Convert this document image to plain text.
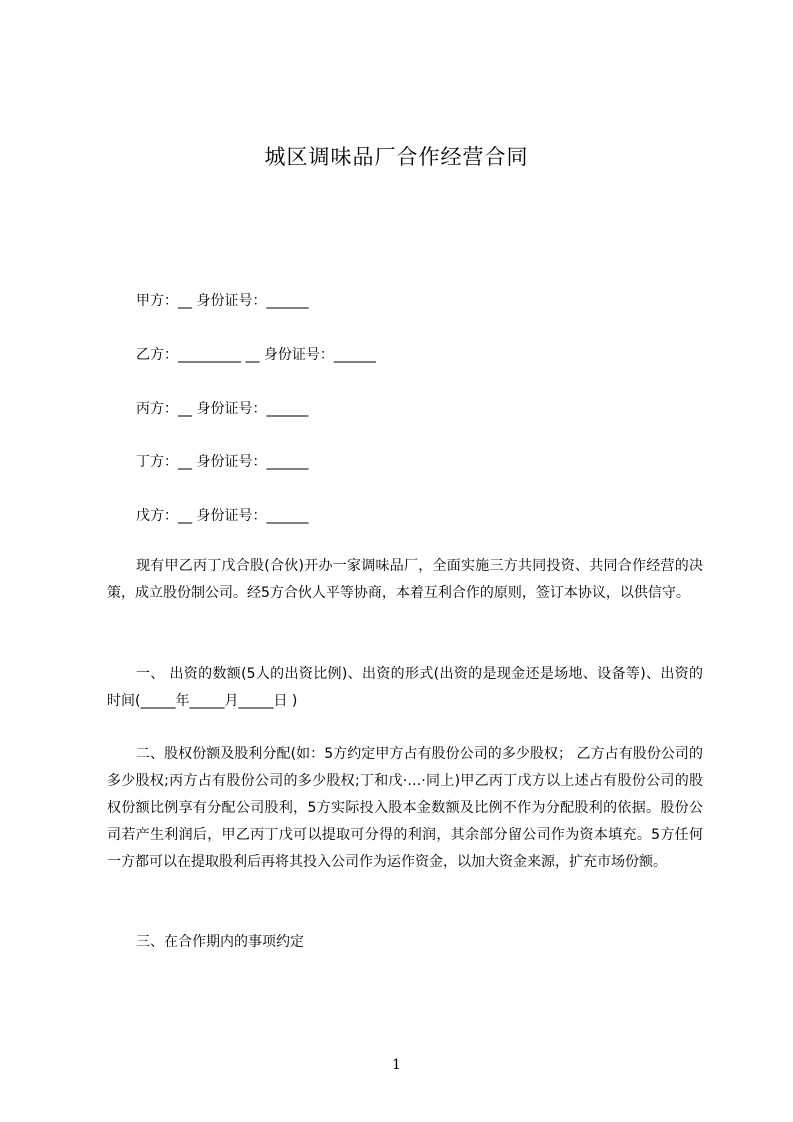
城区调味品厂合作经营合同
甲方：__ 身份证号：______
乙方：_________ __ 身份证号：______
丙方：__ 身份证号：______
丁方：__ 身份证号：______
戊方：__ 身份证号：______
现有甲乙丙丁戊合股(合伙)开办一家调味品厂，全面实施三方共同投资、共同合作经营的决策，成立股份制公司。经5方合伙人平等协商，本着互利合作的原则，签订本协议，以供信守。
一、 出资的数额(5人的出资比例)、出资的形式(出资的是现金还是场地、设备等)、出资的时间(_____年_____月_____日 )
二、股权份额及股利分配(如：5方约定甲方占有股份公司的多少股权； 乙方占有股份公司的多少股权;丙方占有股份公司的多少股权;丁和戊·…·同上)甲乙丙丁戊方以上述占有股份公司的股权份额比例享有分配公司股利，5方实际投入股本金数额及比例不作为分配股利的依据。股份公司若产生利润后，甲乙丙丁戊可以提取可分得的利润，其余部分留公司作为资本填充。5方任何一方都可以在提取股利后再将其投入公司作为运作资金，以加大资金来源，扩充市场份额。
三、在合作期内的事项约定
1
